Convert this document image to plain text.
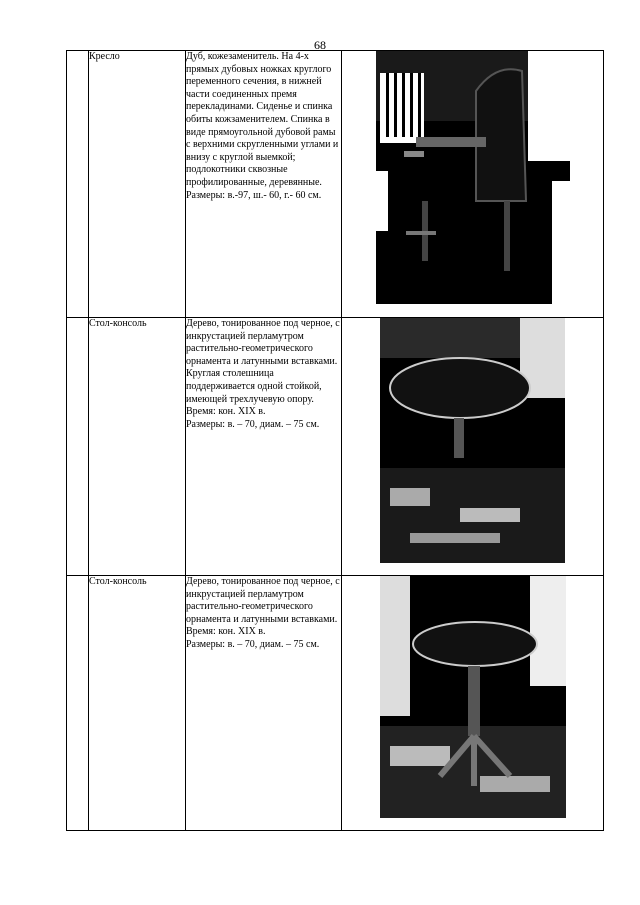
68
	Кресло	Дуб, кожезаменитель. На 4-х прямых дубовых ножках круглого переменного сечения, в нижней части соединенных премя перекладинами. Сиденье и спинка обиты кожзаменителем. Спинка в виде прямоугольной дубовой рамы с верхними скругленными углами и внизу с круглой выемкой; подлокотники сквозные профилированные, деревянные.
Размеры: в.-97, ш.- 60, г.- 60 см.

	Стол-консоль	Дерево, тонированное под черное, с инкрустацией перламутром растительно-геометрического орнамента и латунными вставками. Круглая столешница поддерживается одной стойкой, имеющей трехлучевую опору.
Время: кон. XIX в.
Размеры: в. – 70, диам. – 75 см.

	Стол-консоль	Дерево, тонированное под черное, с инкрустацией перламутром растительно-геометрического орнамента и латунными вставками.
Время: кон. XIX в.
Размеры: в. – 70, диам. – 75 см.
